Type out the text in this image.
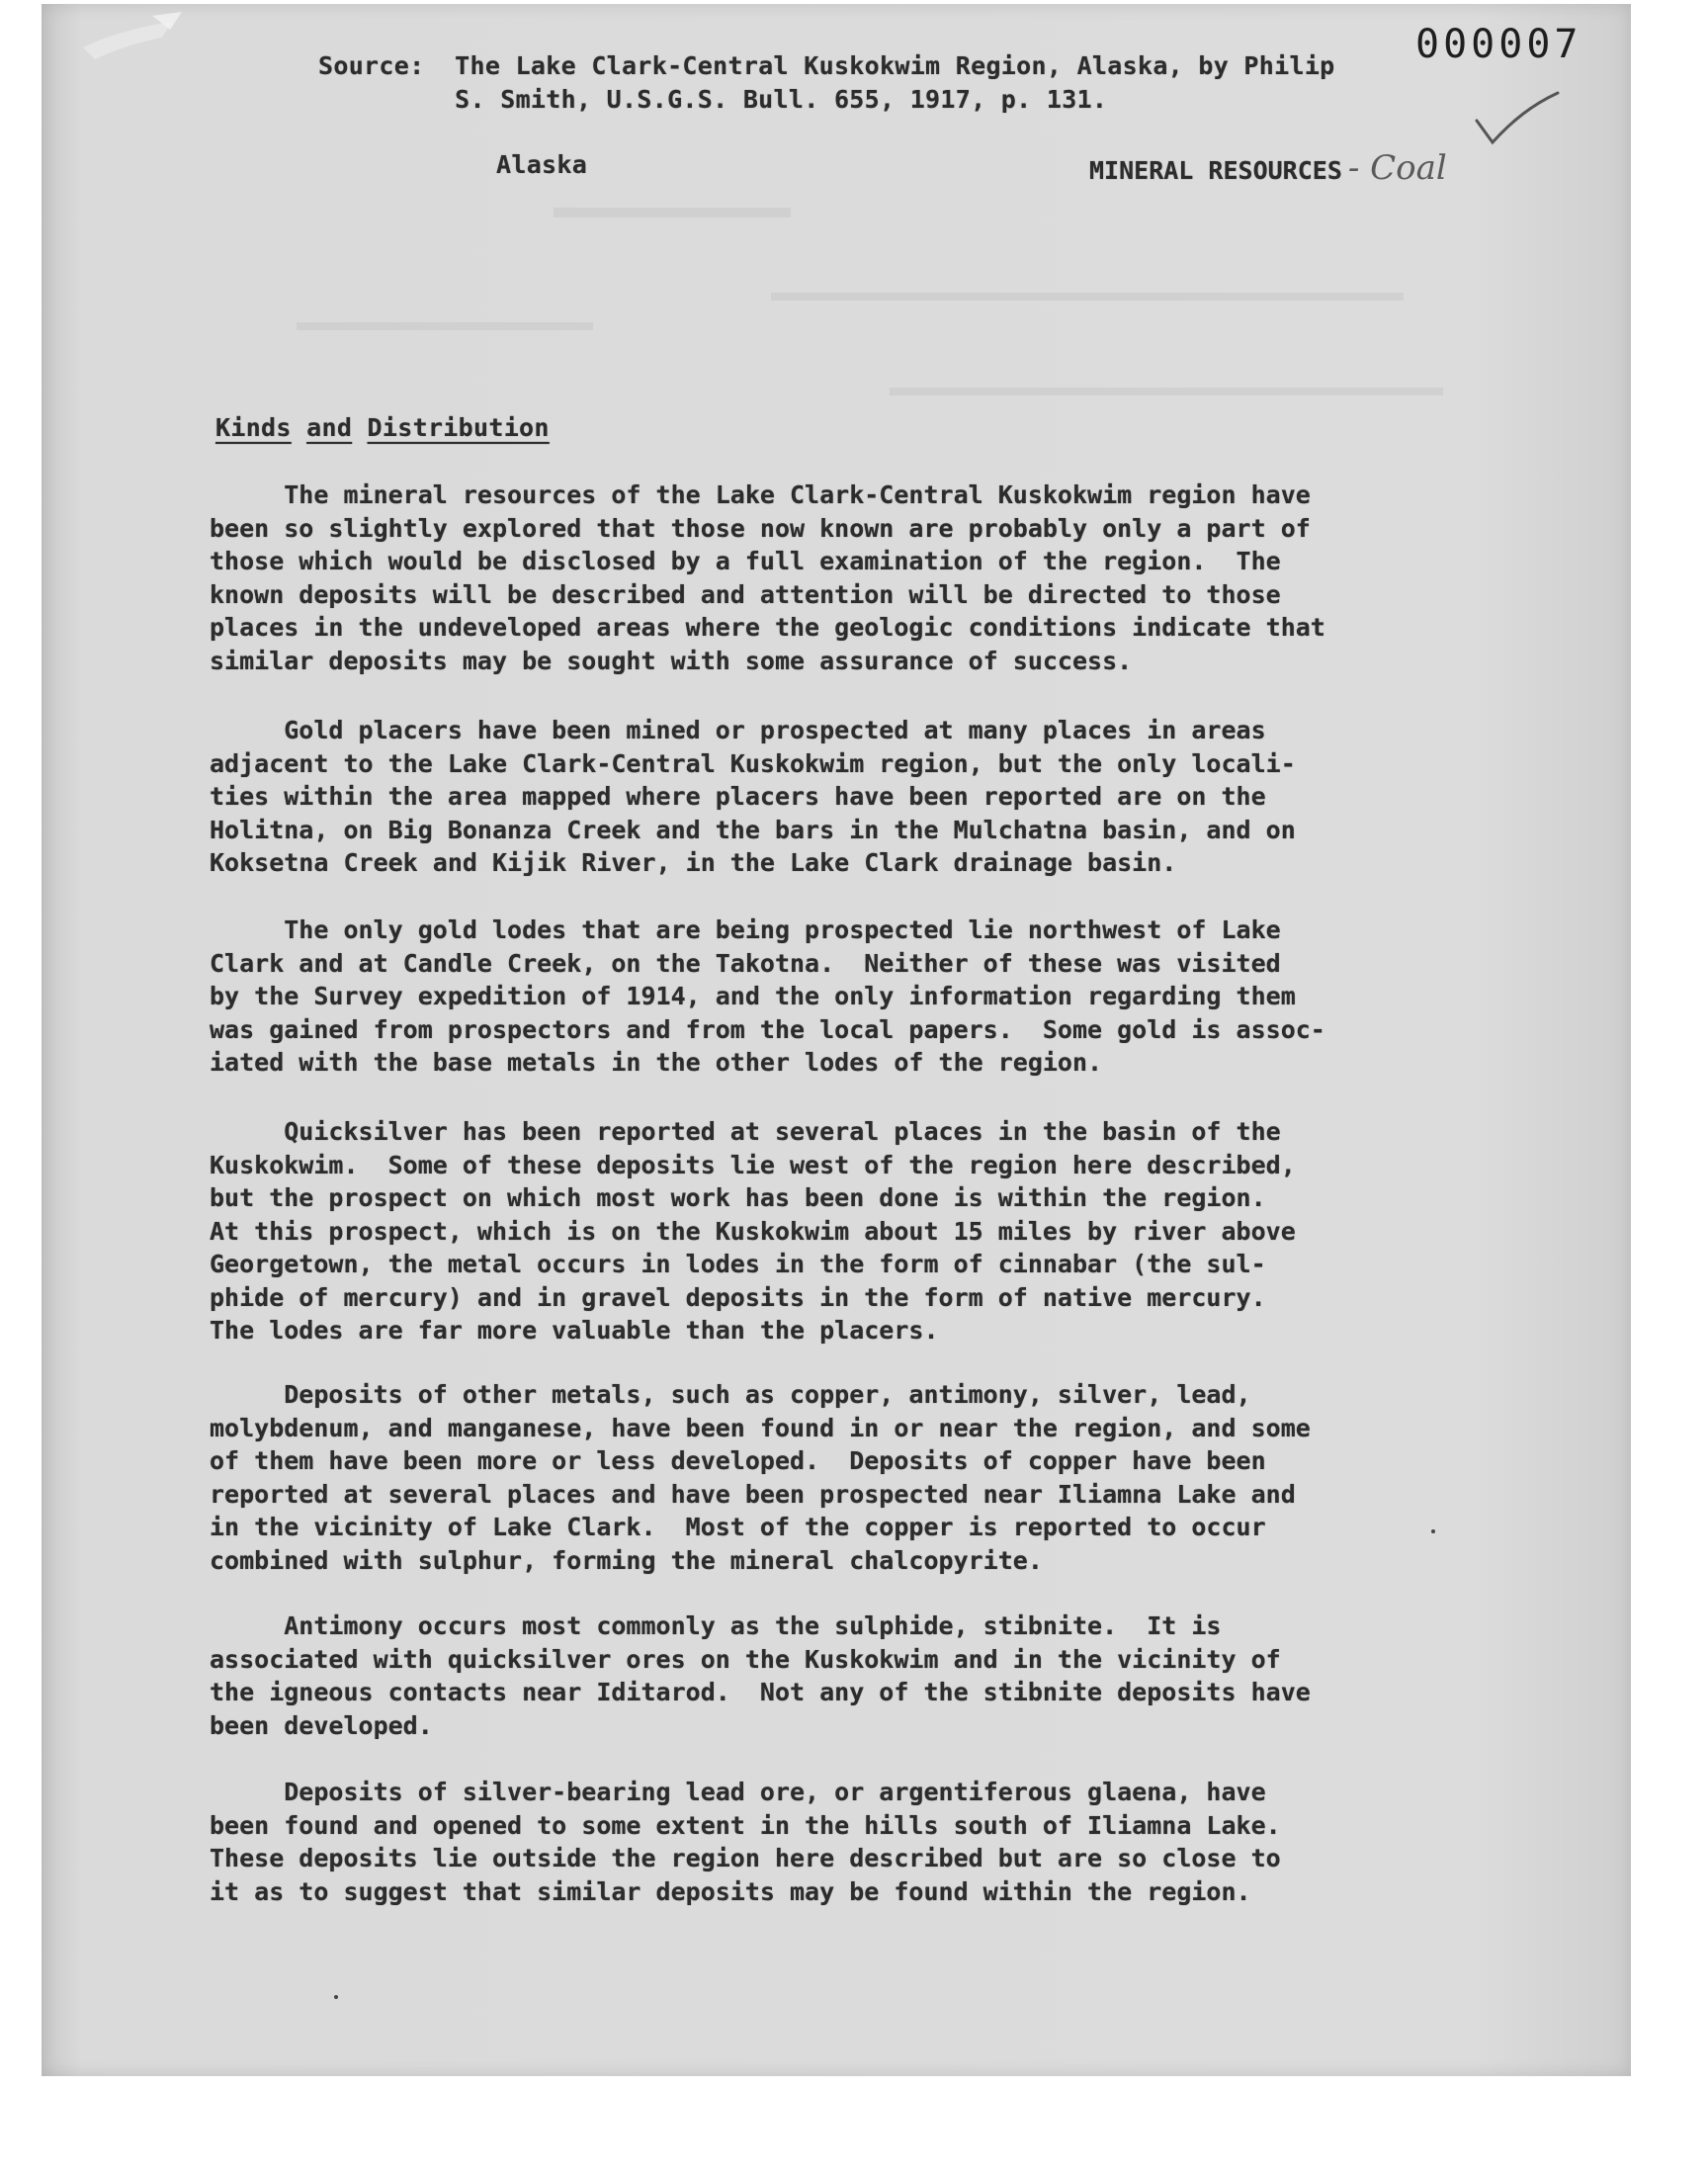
000007
Source:  The Lake Clark-Central Kuskokwim Region, Alaska, by Philip
S. Smith, U.S.G.S. Bull. 655, 1917, p. 131.
Alaska	MINERAL RESOURCES - Coal
Kinds and Distribution
The mineral resources of the Lake Clark-Central Kuskokwim region have
been so slightly explored that those now known are probably only a part of
those which would be disclosed by a full examination of the region.  The
known deposits will be described and attention will be directed to those
places in the undeveloped areas where the geologic conditions indicate that
similar deposits may be sought with some assurance of success.
Gold placers have been mined or prospected at many places in areas
adjacent to the Lake Clark-Central Kuskokwim region, but the only locali-
ties within the area mapped where placers have been reported are on the
Holitna, on Big Bonanza Creek and the bars in the Mulchatna basin, and on
Koksetna Creek and Kijik River, in the Lake Clark drainage basin.
The only gold lodes that are being prospected lie northwest of Lake
Clark and at Candle Creek, on the Takotna.  Neither of these was visited
by the Survey expedition of 1914, and the only information regarding them
was gained from prospectors and from the local papers.  Some gold is assoc-
iated with the base metals in the other lodes of the region.
Quicksilver has been reported at several places in the basin of the
Kuskokwim.  Some of these deposits lie west of the region here described,
but the prospect on which most work has been done is within the region.
At this prospect, which is on the Kuskokwim about 15 miles by river above
Georgetown, the metal occurs in lodes in the form of cinnabar (the sul-
phide of mercury) and in gravel deposits in the form of native mercury.
The lodes are far more valuable than the placers.
Deposits of other metals, such as copper, antimony, silver, lead,
molybdenum, and manganese, have been found in or near the region, and some
of them have been more or less developed.  Deposits of copper have been
reported at several places and have been prospected near Iliamna Lake and
in the vicinity of Lake Clark.  Most of the copper is reported to occur
combined with sulphur, forming the mineral chalcopyrite.
Antimony occurs most commonly as the sulphide, stibnite.  It is
associated with quicksilver ores on the Kuskokwim and in the vicinity of
the igneous contacts near Iditarod.  Not any of the stibnite deposits have
been developed.
Deposits of silver-bearing lead ore, or argentiferous glaena, have
been found and opened to some extent in the hills south of Iliamna Lake.
These deposits lie outside the region here described but are so close to
it as to suggest that similar deposits may be found within the region.
